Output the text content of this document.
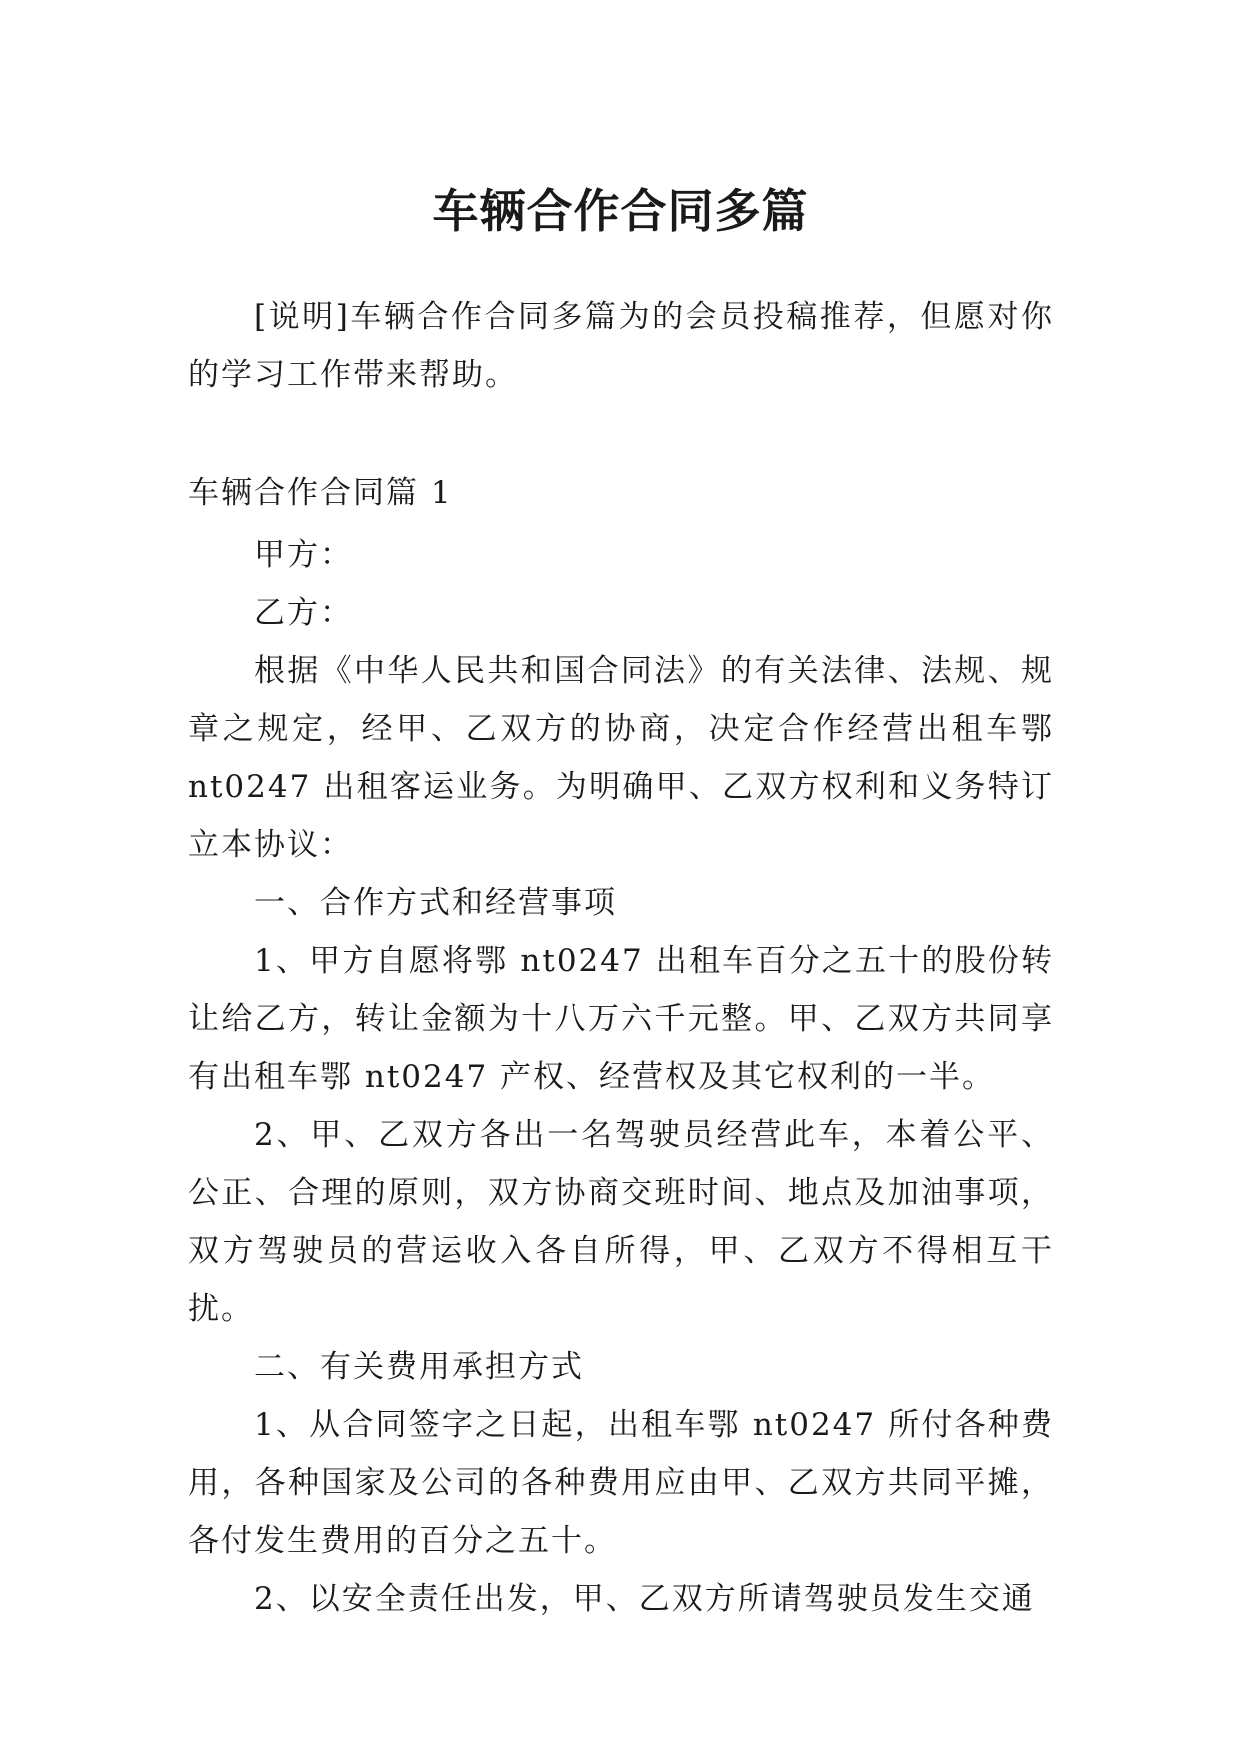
车辆合作合同多篇

[说明]车辆合作合同多篇为的会员投稿推荐，但愿对你的学习工作带来帮助。

车辆合作合同篇 1

甲方：

乙方：

根据《中华人民共和国合同法》的有关法律、法规、规章之规定，经甲、乙双方的协商，决定合作经营出租车鄂 nt0247 出租客运业务。为明确甲、乙双方权利和义务特订立本协议：

一、合作方式和经营事项

1、甲方自愿将鄂 nt0247 出租车百分之五十的股份转让给乙方，转让金额为十八万六千元整。甲、乙双方共同享有出租车鄂 nt0247 产权、经营权及其它权利的一半。

2、甲、乙双方各出一名驾驶员经营此车，本着公平、公正、合理的原则，双方协商交班时间、地点及加油事项，双方驾驶员的营运收入各自所得，甲、乙双方不得相互干扰。

二、有关费用承担方式

1、从合同签字之日起，出租车鄂 nt0247 所付各种费用，各种国家及公司的各种费用应由甲、乙双方共同平摊，各付发生费用的百分之五十。

2、以安全责任出发，甲、乙双方所请驾驶员发生交通
